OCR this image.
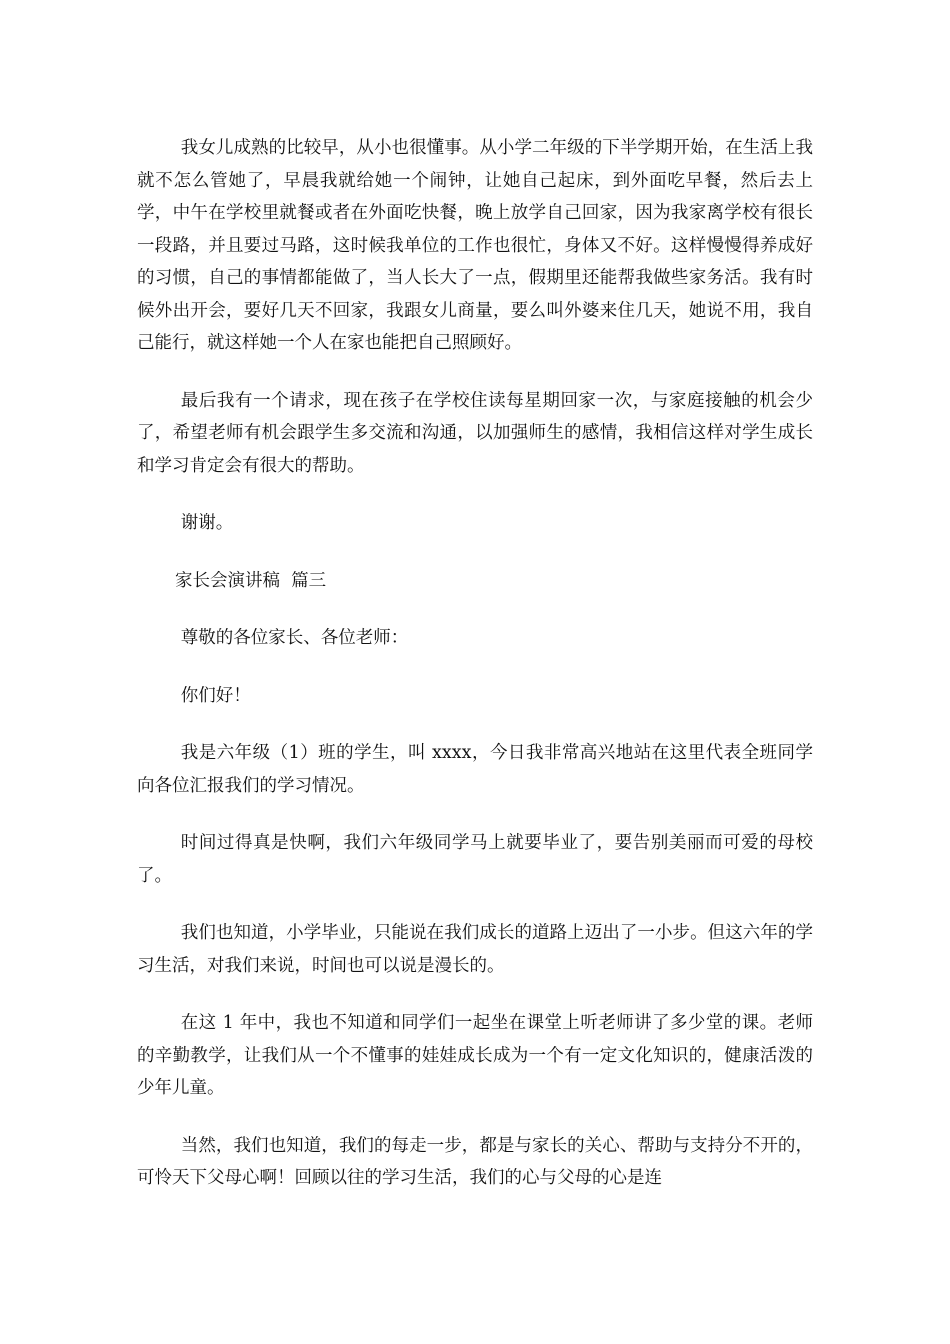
我女儿成熟的比较早，从小也很懂事。从小学二年级的下半学期开始，在生活上我就不怎么管她了，早晨我就给她一个闹钟，让她自己起床，到外面吃早餐，然后去上学，中午在学校里就餐或者在外面吃快餐，晚上放学自己回家，因为我家离学校有很长一段路，并且要过马路，这时候我单位的工作也很忙，身体又不好。这样慢慢得养成好的习惯，自己的事情都能做了，当人长大了一点，假期里还能帮我做些家务活。我有时候外出开会，要好几天不回家，我跟女儿商量，要么叫外婆来住几天，她说不用，我自己能行，就这样她一个人在家也能把自己照顾好。

最后我有一个请求，现在孩子在学校住读每星期回家一次，与家庭接触的机会少了，希望老师有机会跟学生多交流和沟通，以加强师生的感情，我相信这样对学生成长和学习肯定会有很大的帮助。

谢谢。

家长会演讲稿  篇三

尊敬的各位家长、各位老师：

你们好！

我是六年级（1）班的学生，叫 xxxx，今日我非常高兴地站在这里代表全班同学向各位汇报我们的学习情况。

时间过得真是快啊，我们六年级同学马上就要毕业了，要告别美丽而可爱的母校了。

我们也知道，小学毕业，只能说在我们成长的道路上迈出了一小步。但这六年的学习生活，对我们来说，时间也可以说是漫长的。

在这 1 年中，我也不知道和同学们一起坐在课堂上听老师讲了多少堂的课。老师的辛勤教学，让我们从一个不懂事的娃娃成长成为一个有一定文化知识的，健康活泼的少年儿童。

当然，我们也知道，我们的每走一步，都是与家长的关心、帮助与支持分不开的，可怜天下父母心啊！回顾以往的学习生活，我们的心与父母的心是连
